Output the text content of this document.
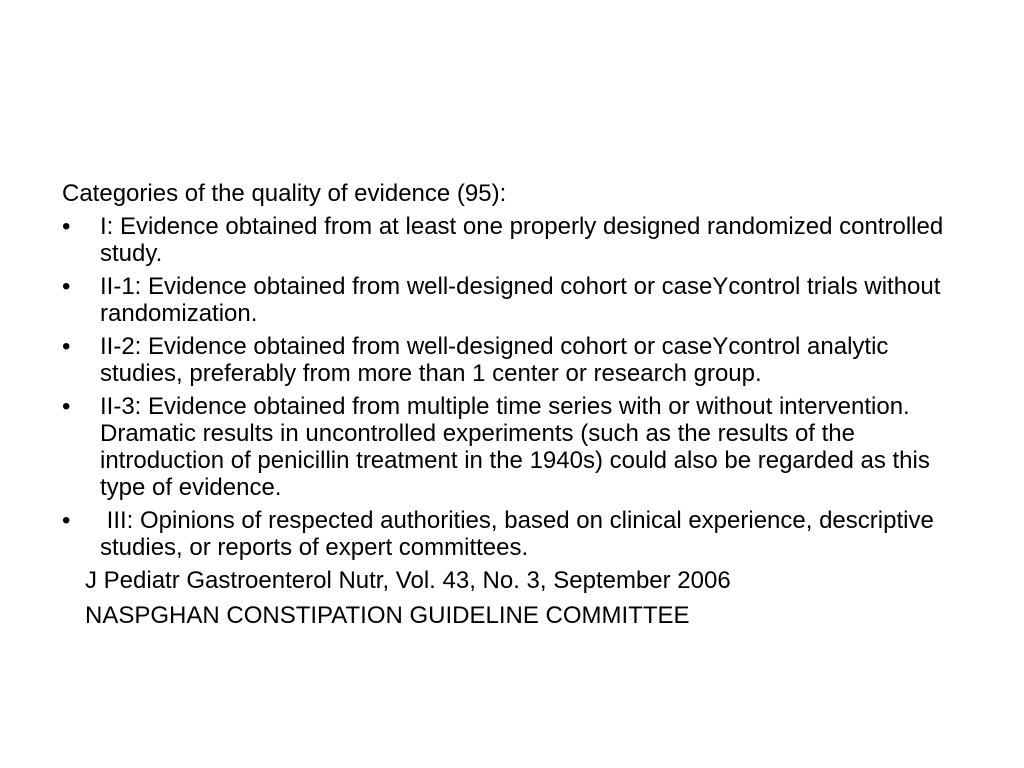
Categories of the quality of evidence (95):
•	I: Evidence obtained from at least one properly designed randomized controlled study.
•	II-1: Evidence obtained from well-designed cohort or caseYcontrol trials without randomization.
•	II-2: Evidence obtained from well-designed cohort or caseYcontrol analytic studies, preferably from more than 1 center or research group.
•	II-3: Evidence obtained from multiple time series with or without intervention. Dramatic results in uncontrolled experiments (such as the results of the introduction of penicillin treatment in the 1940s) could also be regarded as this type of evidence.
•	III: Opinions of respected authorities, based on clinical experience, descriptive studies, or reports of expert committees.
J Pediatr Gastroenterol Nutr, Vol. 43, No. 3, September 2006
NASPGHAN CONSTIPATION GUIDELINE COMMITTEE
